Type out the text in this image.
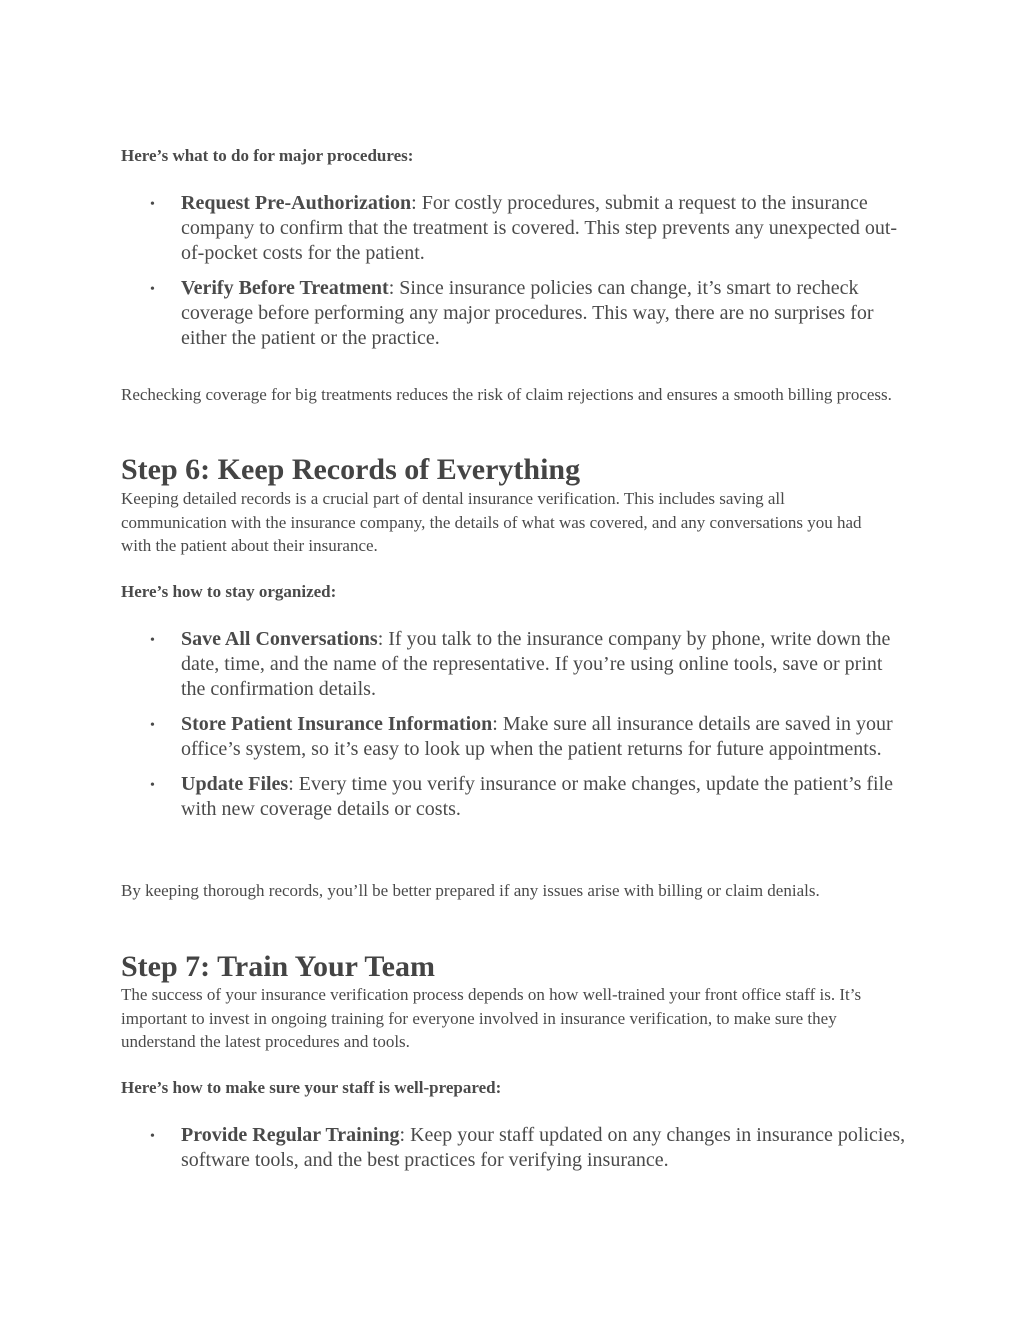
Here’s what to do for major procedures:

• Request Pre-Authorization: For costly procedures, submit a request to the insurance company to confirm that the treatment is covered. This step prevents any unexpected out-of-pocket costs for the patient.
• Verify Before Treatment: Since insurance policies can change, it’s smart to recheck coverage before performing any major procedures. This way, there are no surprises for either the patient or the practice.

Rechecking coverage for big treatments reduces the risk of claim rejections and ensures a smooth billing process.

Step 6: Keep Records of Everything

Keeping detailed records is a crucial part of dental insurance verification. This includes saving all communication with the insurance company, the details of what was covered, and any conversations you had with the patient about their insurance.

Here’s how to stay organized:

• Save All Conversations: If you talk to the insurance company by phone, write down the date, time, and the name of the representative. If you’re using online tools, save or print the confirmation details.
• Store Patient Insurance Information: Make sure all insurance details are saved in your office’s system, so it’s easy to look up when the patient returns for future appointments.
• Update Files: Every time you verify insurance or make changes, update the patient’s file with new coverage details or costs.

By keeping thorough records, you’ll be better prepared if any issues arise with billing or claim denials.

Step 7: Train Your Team

The success of your insurance verification process depends on how well-trained your front office staff is. It’s important to invest in ongoing training for everyone involved in insurance verification, to make sure they understand the latest procedures and tools.

Here’s how to make sure your staff is well-prepared:

• Provide Regular Training: Keep your staff updated on any changes in insurance policies, software tools, and the best practices for verifying insurance.
